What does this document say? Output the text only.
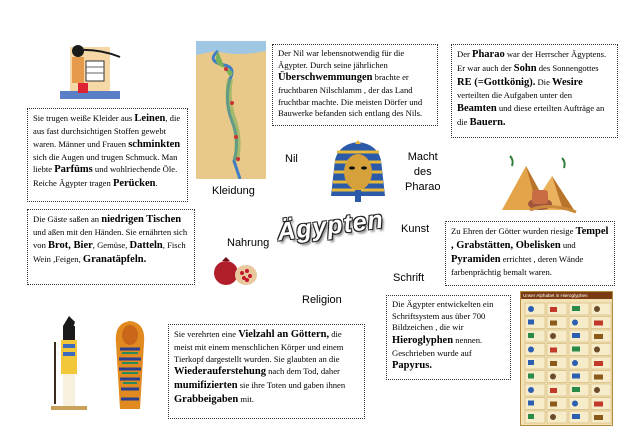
Ägypten
Nil
Kleidung
Macht
des
Pharao
Kunst
Nahrung
Schrift
Religion
Der Nil war lebensnotwendig für die Ägypter. Durch seine jährlichen Überschwemmungen brachte er fruchtbaren Nilschlamm , der das Land fruchtbar machte. Die meisten Dörfer und Bauwerke befanden sich entlang des Nils.
Der Pharao war der Herrscher Ägyptens. Er war auch der Sohn des Sonnengottes RE (=Gottkönig). Die Wesire verteilten die Aufgaben unter den Beamten und diese erteilten Aufträge an die Bauern.
Sie trugen weiße Kleider aus Leinen, die aus fast durchsichtigen Stoffen gewebt waren. Männer und Frauen schminkten sich die Augen und trugen Schmuck. Man liebte Parfüms und wohlriechende Öle. Reiche Ägypter tragen Perücken.
Die Gäste saßen an niedrigen Tischen und aßen mit den Händen. Sie ernährten sich von Brot, Bier, Gemüse, Datteln, Fisch Wein ,Feigen, Granatäpfeln.
Zu Ehren der Götter wurden riesige Tempel , Grabstätten, Obelisken und Pyramiden errichtet , deren Wände farbenprächtig bemalt waren.
Die Ägypter entwickelten ein Schriftsystem aus über 700 Bildzeichen , die wir Hieroglyphen nennen. Geschrieben wurde auf Papyrus.
Sie verehrten eine Vielzahl an Göttern, die meist mit einem menschlichen Körper und einem Tierkopf dargestellt wurden. Sie glaubten an die Wiederauferstehung nach dem Tod, daher mumifizierten sie ihre Toten und gaben ihnen Grabbeigaben mit.
Unser Alphabet in Hieroglyphen
